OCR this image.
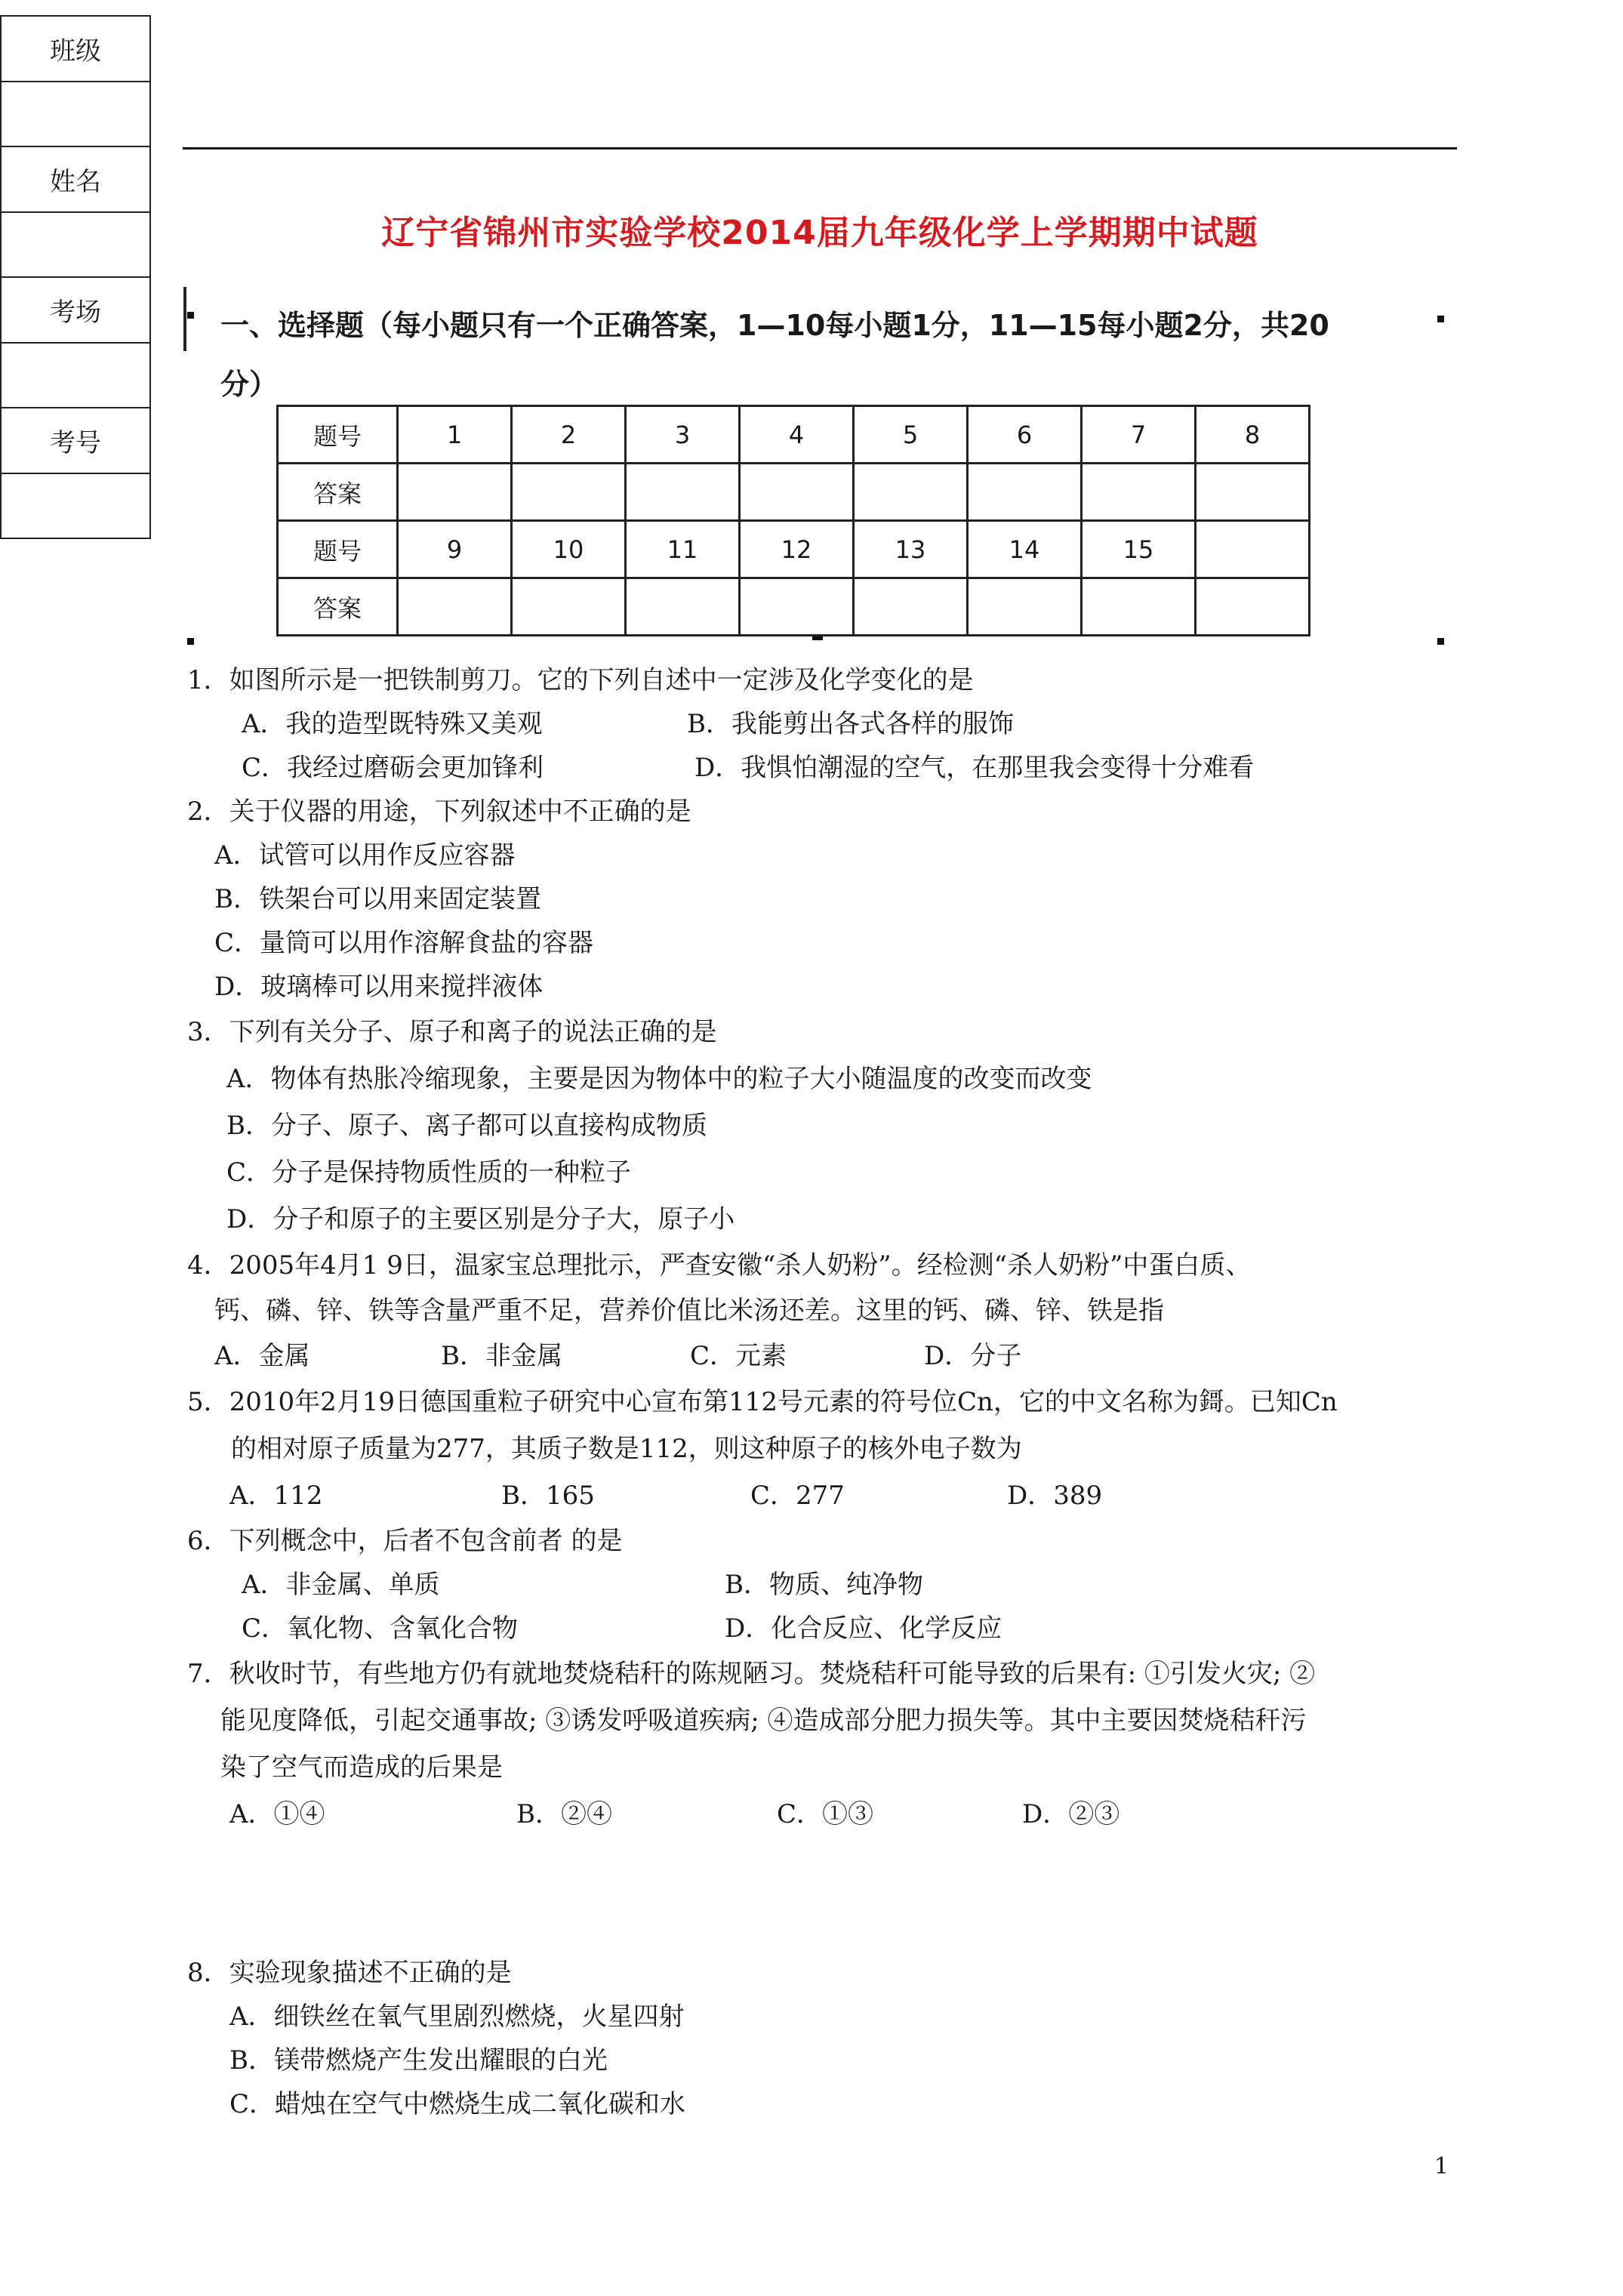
班级

姓名

考场

考号

辽宁省锦州市实验学校2014届九年级化学上学期期中试题
一、选择题（每小题只有一个正确答案，1—10每小题1分，11—15每小题2分，共20
分）
题号	1	2	3	4	5	6	7	8
答案								
题号	9	10	11	12	13	14	15	
答案								
1．如图所示是一把铁制剪刀。它的下列自述中一定涉及化学变化的是
A．我的造型既特殊又美观	B．我能剪出各式各样的服饰
C．我经过磨砺会更加锋利	D．我惧怕潮湿的空气，在那里我会变得十分难看
2．关于仪器的用途，下列叙述中不正确的是
A．试管可以用作反应容器
B．铁架台可以用来固定装置
C．量筒可以用作溶解食盐的容器
D．玻璃棒可以用来搅拌液体
3．下列有关分子、原子和离子的说法正确的是
A．物体有热胀冷缩现象，主要是因为物体中的粒子大小随温度的改变而改变
B．分子、原子、离子都可以直接构成物质
C．分子是保持物质性质的一种粒子
D．分子和原子的主要区别是分子大，原子小
4．2005年4月1 9日，温家宝总理批示，严查安徽“杀人奶粉”。经检测“杀人奶粉”中蛋白质、
钙、磷、锌、铁等含量严重不足，营养价值比米汤还差。这里的钙、磷、锌、铁是指
A．金属	B．非金属	C．元素	D．分子
5．2010年2月19日德国重粒子研究中心宣布第112号元素的符号位Cn，它的中文名称为鎶。已知Cn
的相对原子质量为277，其质子数是112，则这种原子的核外电子数为
A．112	B．165	C．277	D．389
6．下列概念中，后者不包含前者 的是
A．非金属、单质	B．物质、纯净物
C．氧化物、含氧化合物	D．化合反应、化学反应
7．秋收时节，有些地方仍有就地焚烧秸秆的陈规陋习。焚烧秸秆可能导致的后果有: ①引发火灾; ②
能见度降低，引起交通事故; ③诱发呼吸道疾病; ④造成部分肥力损失等。其中主要因焚烧秸秆污
染了空气而造成的后果是
A．①④	B．②④	C．①③	D．②③
8．实验现象描述不正确的是
A．细铁丝在氧气里剧烈燃烧，火星四射
B．镁带燃烧产生发出耀眼的白光
C．蜡烛在空气中燃烧生成二氧化碳和水
1
